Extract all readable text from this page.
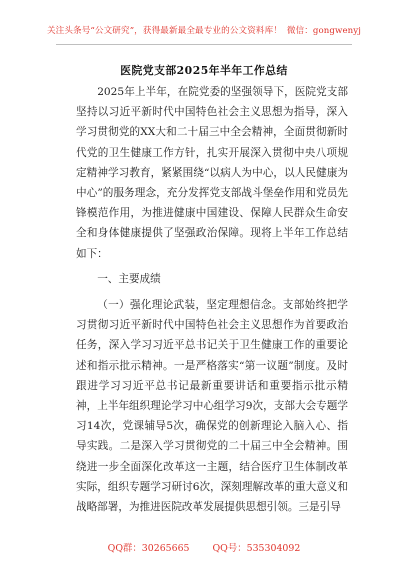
关注头条号“公文研究”，获得最新最全最专业的公文资料库！ 微信：gongwenyj
医院党支部2025年半年工作总结

2025年上半年，在院党委的坚强领导下，医院党支部坚持以习近平新时代中国特色社会主义思想为指导，深入学习贯彻党的XX大和二十届三中全会精神，全面贯彻新时代党的卫生健康工作方针，扎实开展深入贯彻中央八项规定精神学习教育，紧紧围绕“以病人为中心，以人民健康为中心”的服务理念，充分发挥党支部战斗堡垒作用和党员先锋模范作用，为推进健康中国建设、保障人民群众生命安全和身体健康提供了坚强政治保障。现将上半年工作总结如下：

一、主要成绩

（一）强化理论武装，坚定理想信念。支部始终把学习贯彻习近平新时代中国特色社会主义思想作为首要政治任务，深入学习习近平总书记关于卫生健康工作的重要论述和指示批示精神。一是严格落实“第一议题”制度。及时跟进学习习近平总书记最新重要讲话和重要指示批示精神，上半年组织理论学习中心组学习9次，支部大会专题学习14次，党课辅导5次，确保党的创新理论入脑入心、指导实践。二是深入学习贯彻党的二十届三中全会精神。围绕进一步全面深化改革这一主题，结合医疗卫生体制改革实际，组织专题学习研讨6次，深刻理解改革的重大意义和战略部署，为推进医院改革发展提供思想引领。三是引导

QQ群：30265665 QQ号：535304092
